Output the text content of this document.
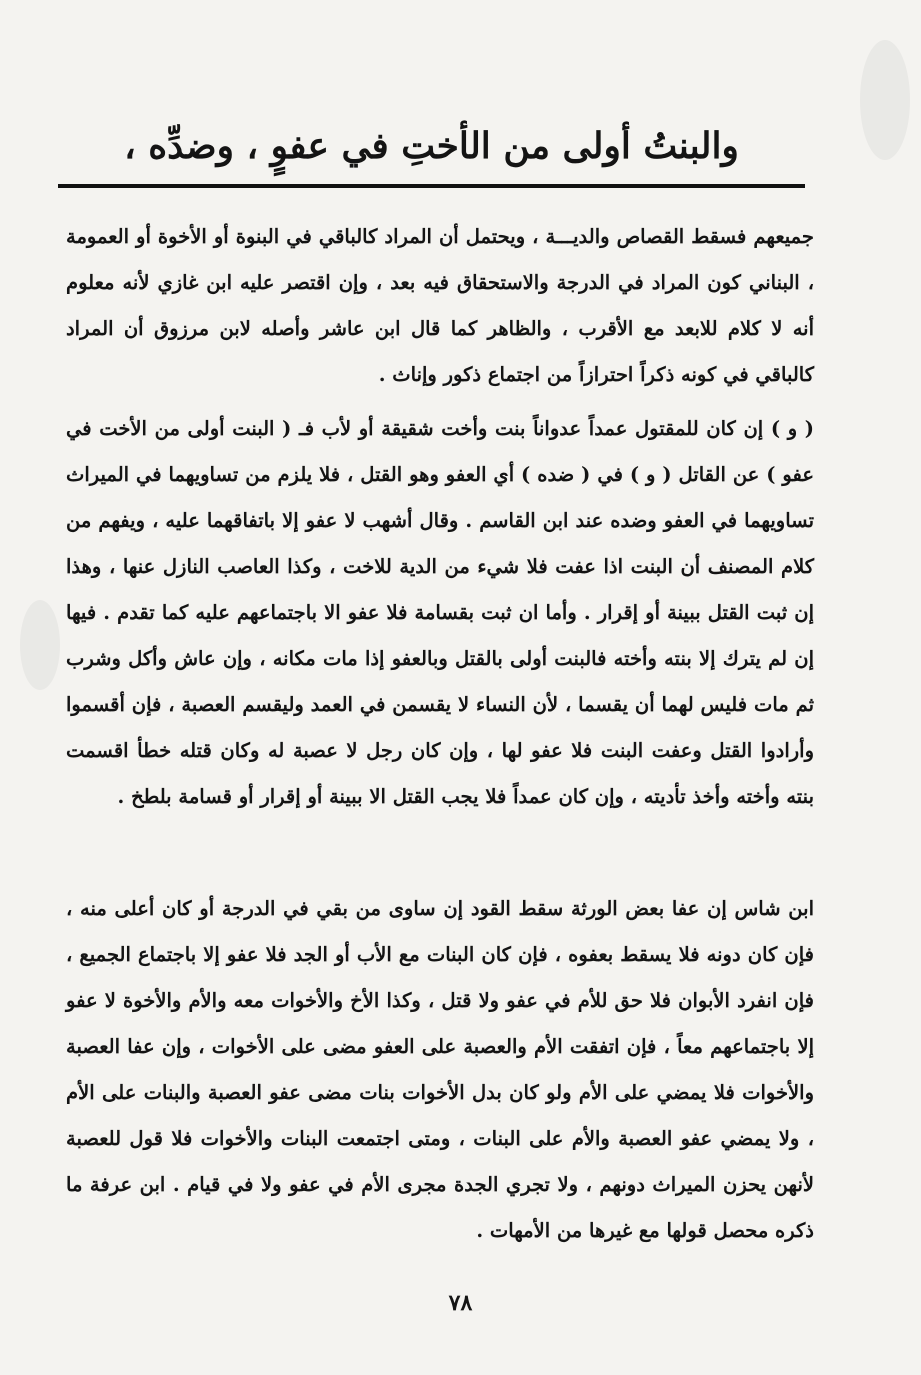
والبنتُ أولى من الأختِ في عفوٍ ، وضدِّه ،
جميعهم فسقط القصاص والديـــة ، ويحتمل أن المراد كالباقي في البنوة أو الأخوة أو العمومة ، البناني كون المراد في الدرجة والاستحقاق فيه بعد ، وإن اقتصر عليه ابن غازي لأنه معلوم أنه لا كلام للابعد مع الأقرب ، والظاهر كما قال ابن عاشر وأصله لابن مرزوق أن المراد كالباقي في كونه ذكراً احترازاً من اجتماع ذكور وإناث .
( و ) إن كان للمقتول عمداً عدواناً بنت وأخت شقيقة أو لأب فـ ( البنت أولى من الأخت في عفو ) عن القاتل ( و ) في ( ضده ) أي العفو وهو القتل ، فلا يلزم من تساويهما في الميراث تساويهما في العفو وضده عند ابن القاسم . وقال أشهب لا عفو إلا باتفاقهما عليه ، ويفهم من كلام المصنف أن البنت اذا عفت فلا شيء من الدية للاخت ، وكذا العاصب النازل عنها ، وهذا إن ثبت القتل ببينة أو إقرار . وأما ان ثبت بقسامة فلا عفو الا باجتماعهم عليه كما تقدم . فيها إن لم يترك إلا بنته وأخته فالبنت أولى بالقتل وبالعفو إذا مات مكانه ، وإن عاش وأكل وشرب ثم مات فليس لهما أن يقسما ، لأن النساء لا يقسمن في العمد وليقسم العصبة ، فإن أقسموا وأرادوا القتل وعفت البنت فلا عفو لها ، وإن كان رجل لا عصبة له وكان قتله خطأ اقسمت بنته وأخته وأخذ تأديته ، وإن كان عمداً فلا يجب القتل الا ببينة أو إقرار أو قسامة بلطخ .
ابن شاس إن عفا بعض الورثة سقط القود إن ساوى من بقي في الدرجة أو كان أعلى منه ، فإن كان دونه فلا يسقط بعفوه ، فإن كان البنات مع الأب أو الجد فلا عفو إلا باجتماع الجميع ، فإن انفرد الأبوان فلا حق للأم في عفو ولا قتل ، وكذا الأخ والأخوات معه والأم والأخوة لا عفو إلا باجتماعهم معاً ، فإن اتفقت الأم والعصبة على العفو مضى على الأخوات ، وإن عفا العصبة والأخوات فلا يمضي على الأم ولو كان بدل الأخوات بنات مضى عفو العصبة والبنات على الأم ، ولا يمضي عفو العصبة والأم على البنات ، ومتى اجتمعت البنات والأخوات فلا قول للعصبة لأنهن يحزن الميراث دونهم ، ولا تجري الجدة مجرى الأم في عفو ولا في قيام . ابن عرفة ما ذكره محصل قولها مع غيرها من الأمهات .
٧٨
